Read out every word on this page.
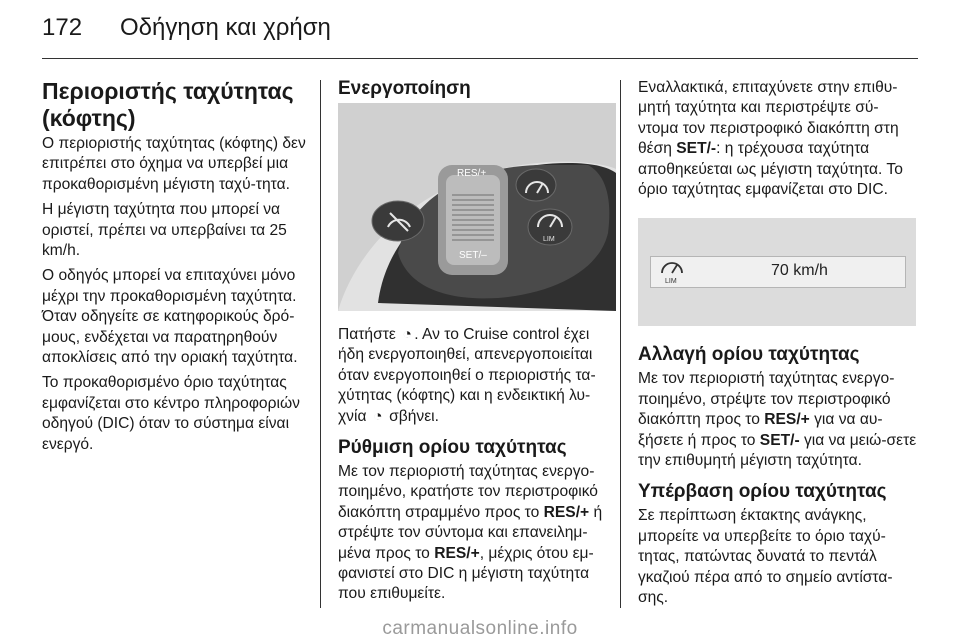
172 Οδήγηση και χρήση
Περιοριστής ταχύτητας
(κόφτης)

Ο περιοριστής ταχύτητας (κόφτης) δεν επιτρέπει στο όχημα να υπερβεί μια προκαθορισμένη μέγιστη ταχύ-τητα.

Η μέγιστη ταχύτητα που μπορεί να οριστεί, πρέπει να υπερβαίνει τα 25 km/h.

Ο οδηγός μπορεί να επιταχύνει μόνο μέχρι την προκαθορισμένη ταχύτητα. Όταν οδηγείτε σε κατηφορικούς δρό-μους, ενδέχεται να παρατηρηθούν αποκλίσεις από την οριακή ταχύτητα.

Το προκαθορισμένο όριο ταχύτητας εμφανίζεται στο κέντρο πληροφοριών οδηγού (DIC) όταν το σύστημα είναι ενεργό.

Ενεργοποίηση
RES/+
SET/–
LIM

Πατήστε ◔ . Αν το Cruise control έχει ήδη ενεργοποιηθεί, απενεργοποιείται όταν ενεργοποιηθεί ο περιοριστής τα-χύτητας (κόφτης) και η ενδεικτική λυ-χνία ◔ σβήνει.

Ρύθμιση ορίου ταχύτητας

Με τον περιοριστή ταχύτητας ενεργο-ποιημένο, κρατήστε τον περιστροφικό διακόπτη στραμμένο προς το RES/+ ή στρέψτε τον σύντομα και επανειλημ-μένα προς το RES/+, μέχρις ότου εμ-φανιστεί στο DIC η μέγιστη ταχύτητα που επιθυμείτε.

Εναλλακτικά, επιταχύνετε στην επιθυ-μητή ταχύτητα και περιστρέψτε σύ-ντομα τον περιστροφικό διακόπτη στη θέση SET/-: η τρέχουσα ταχύτητα αποθηκεύεται ως μέγιστη ταχύτητα. Το όριο ταχύτητας εμφανίζεται στο DIC.

LIM
70 km/h
Αλλαγή ορίου ταχύτητας

Με τον περιοριστή ταχύτητας ενεργο-ποιημένο, στρέψτε τον περιστροφικό διακόπτη προς το RES/+ για να αυ-ξήσετε ή προς το SET/- για να μειώ-σετε την επιθυμητή μέγιστη ταχύτητα.

Υπέρβαση ορίου ταχύτητας

Σε περίπτωση έκτακτης ανάγκης, μπορείτε να υπερβείτε το όριο ταχύ-τητας, πατώντας δυνατά το πεντάλ γκαζιού πέρα από το σημείο αντίστα-σης.

carmanualsonline.info
